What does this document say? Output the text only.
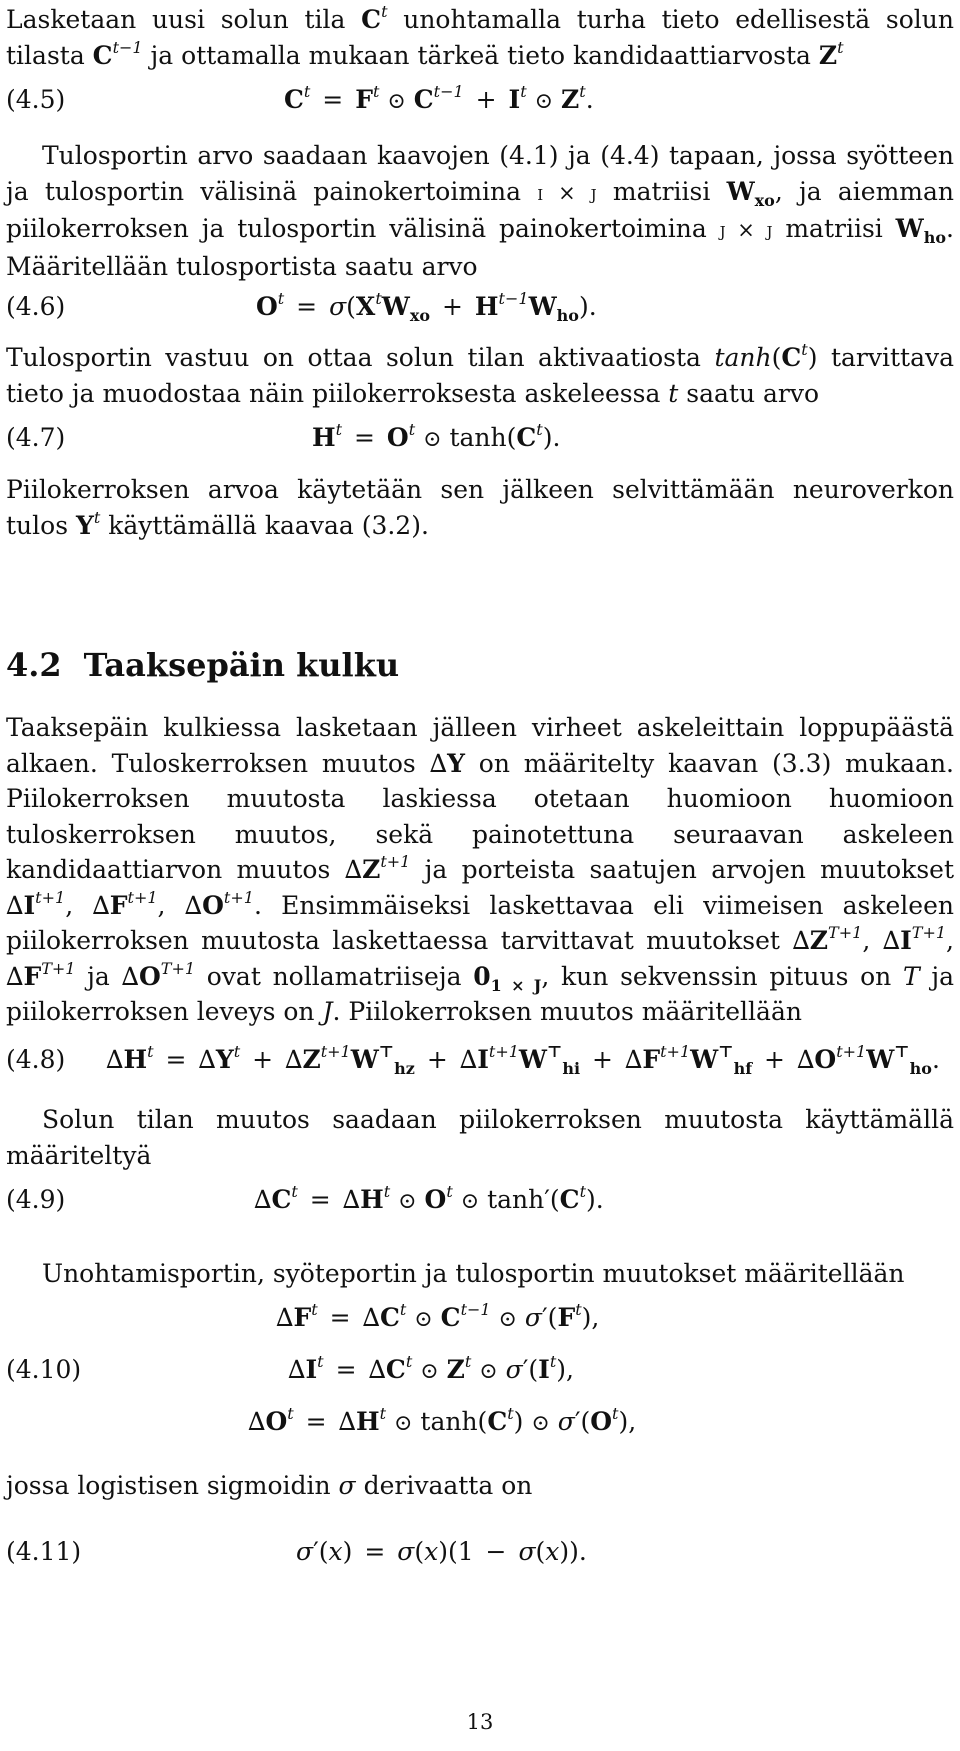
Lasketaan uusi solun tila $C^t$ unohtamalla turha tieto edellisestä solun tilasta $C^{t-1}$ ja ottamalla mukaan tärkeä tieto kandidaattiarvosta $Z^t$

(4.5)	$C^t = F^t$ ⊙ $C^{t-1} + I^t$ ⊙ $Z^t$.

Tulosportin arvo saadaan kaavojen (4.1) ja (4.4) tapaan, jossa syötteen ja tulosportin välisinä painokertoimina i × j matriisi $W_{xo}$, ja aiemman piilokerroksen ja tulosportin välisinä painokertoimina j × j matriisi $W_{ho}$. Määritellään tulosportista saatu arvo

(4.6)	$O^t = \sigma(X^tW_{xo} + H^{t-1}W_{ho})$.

Tulosportin vastuu on ottaa solun tilan aktivaatiosta $\tanh(C^t)$ tarvittava tieto ja muodostaa näin piilokerroksesta askeleessa t saatu arvo

(4.7)	$H^t = O^t$ ⊙ $\tanh(C^t)$.

Piilokerroksen arvoa käytetään sen jälkeen selvittämään neuroverkon tulos $Y^t$ käyttämällä kaavaa (3.2).

4.2 Taaksepäin kulku

Taaksepäin kulkiessa lasketaan jälleen virheet askeleittain loppupäästä alkaen. Tuloskerroksen muutos ∆Y on määritelty kaavan (3.3) mukaan. Piilokerroksen muutosta laskiessa otetaan huomioon huomioon tuloskerroksen muutos, sekä painotettuna seuraavan askeleen kandidaattiarvon muutos $\Delta Z^{t+1}$ ja porteista saatujen arvojen muutokset $\Delta I^{t+1}$, $\Delta F^{t+1}$, $\Delta O^{t+1}$. Ensimmäiseksi laskettavaa eli viimeisen askeleen piilokerroksen muutosta laskettaessa tarvittavat muutokset $\Delta Z^{T+1}$, $\Delta I^{T+1}$, $\Delta F^{T+1}$ ja $\Delta O^{T+1}$ ovat nollamatriiseja $0_{1 \times J}$, kun sekvenssin pituus on T ja piilokerroksen leveys on J. Piilokerroksen muutos määritellään

(4.8) $\Delta H^t = \Delta Y^t + \Delta Z^{t+1}W^⊤_{hz} + \Delta I^{t+1}W^⊤_{hi} + \Delta F^{t+1}W^⊤_{hf} + \Delta O^{t+1}W^⊤_{ho}$.

Solun tilan muutos saadaan piilokerroksen muutosta käyttämällä määriteltyä

(4.9)	$\Delta C^t = \Delta H^t$ ⊙ $O^t$ ⊙ $\tanh'(C^t)$.

Unohtamisportin, syöteportin ja tulosportin muutokset määritellään

$\Delta F^t = \Delta C^t$ ⊙ $C^{t-1}$ ⊙ $\sigma'(F^t)$,
(4.10)	$\Delta I^t = \Delta C^t$ ⊙ $Z^t$ ⊙ $\sigma'(I^t)$,
$\Delta O^t = \Delta H^t$ ⊙ $\tanh(C^t)$ ⊙ $\sigma'(O^t)$,

jossa logistisen sigmoidin σ derivaatta on

(4.11)	σ′(x) = σ(x)(1 − σ(x)).
13
